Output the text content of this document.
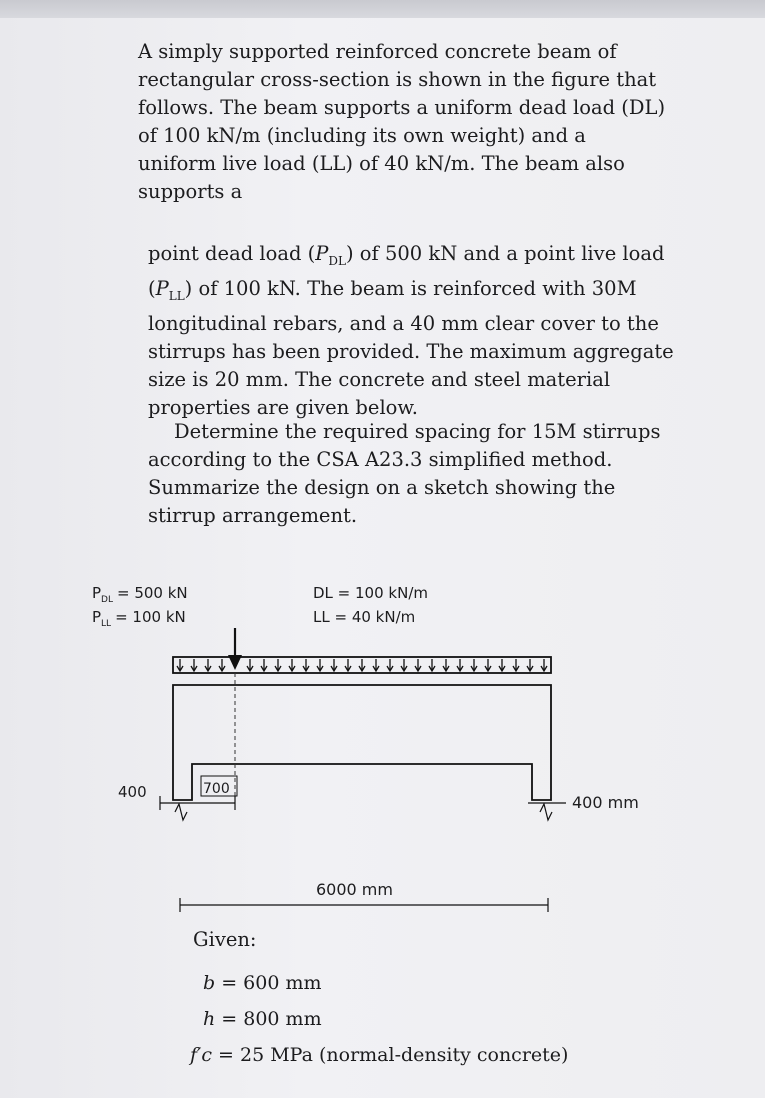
A simply supported reinforced concrete beam of rectangular cross-section is shown in the figure that follows. The beam supports a uniform dead load (DL) of 100 kN/m (including its own weight) and a uniform live load (LL) of 40 kN/m. The beam also supports a

point dead load $(P_{DL})$ of 500 kN and a point live load $(P_{LL})$ of 100 kN. The beam is reinforced with 30M longitudinal rebars, and a 40 mm clear cover to the stirrups has been provided. The maximum aggregate size is 20 mm. The concrete and steel material properties are given below.

Determine the required spacing for 15M stirrups according to the CSA A23.3 simplified method. Summarize the design on a sketch showing the stirrup arrangement.

$P_{DL} = 500$ kN
$P_{LL} = 100$ kN
DL = 100 kN/m
LL = 40 kN/m
400	700
400 mm
6000 mm
Given:
b = 600 mm
h = 800 mm
f′c = 25 MPa (normal-density concrete)
